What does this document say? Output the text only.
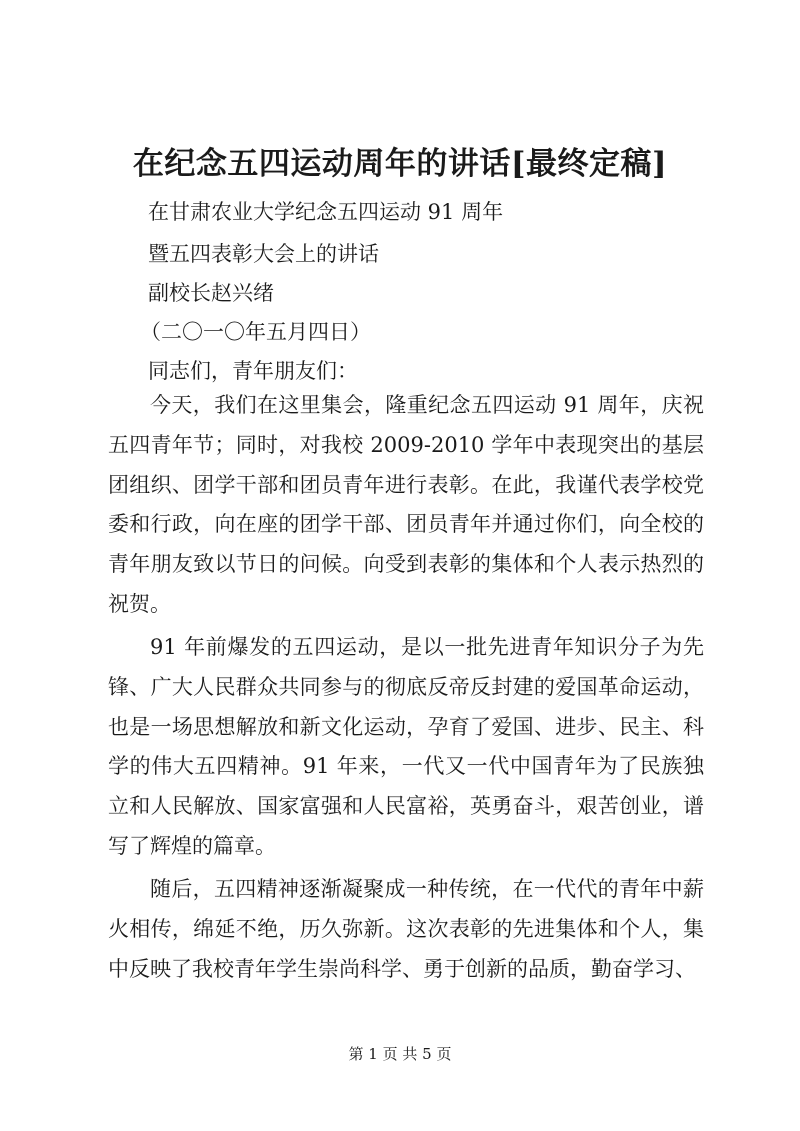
在纪念五四运动周年的讲话[最终定稿]
在甘肃农业大学纪念五四运动 91 周年
暨五四表彰大会上的讲话
副校长赵兴绪
（二〇一〇年五月四日）
同志们，青年朋友们：

今天，我们在这里集会，隆重纪念五四运动 91 周年，庆祝五四青年节；同时，对我校 2009-2010 学年中表现突出的基层团组织、团学干部和团员青年进行表彰。在此，我谨代表学校党委和行政，向在座的团学干部、团员青年并通过你们，向全校的青年朋友致以节日的问候。向受到表彰的集体和个人表示热烈的祝贺。

91 年前爆发的五四运动，是以一批先进青年知识分子为先锋、广大人民群众共同参与的彻底反帝反封建的爱国革命运动，也是一场思想解放和新文化运动，孕育了爱国、进步、民主、科学的伟大五四精神。91 年来，一代又一代中国青年为了民族独立和人民解放、国家富强和人民富裕，英勇奋斗，艰苦创业，谱写了辉煌的篇章。

随后，五四精神逐渐凝聚成一种传统，在一代代的青年中薪火相传，绵延不绝，历久弥新。这次表彰的先进集体和个人，集中反映了我校青年学生崇尚科学、勇于创新的品质，勤奋学习、

第 1 页 共 5 页
